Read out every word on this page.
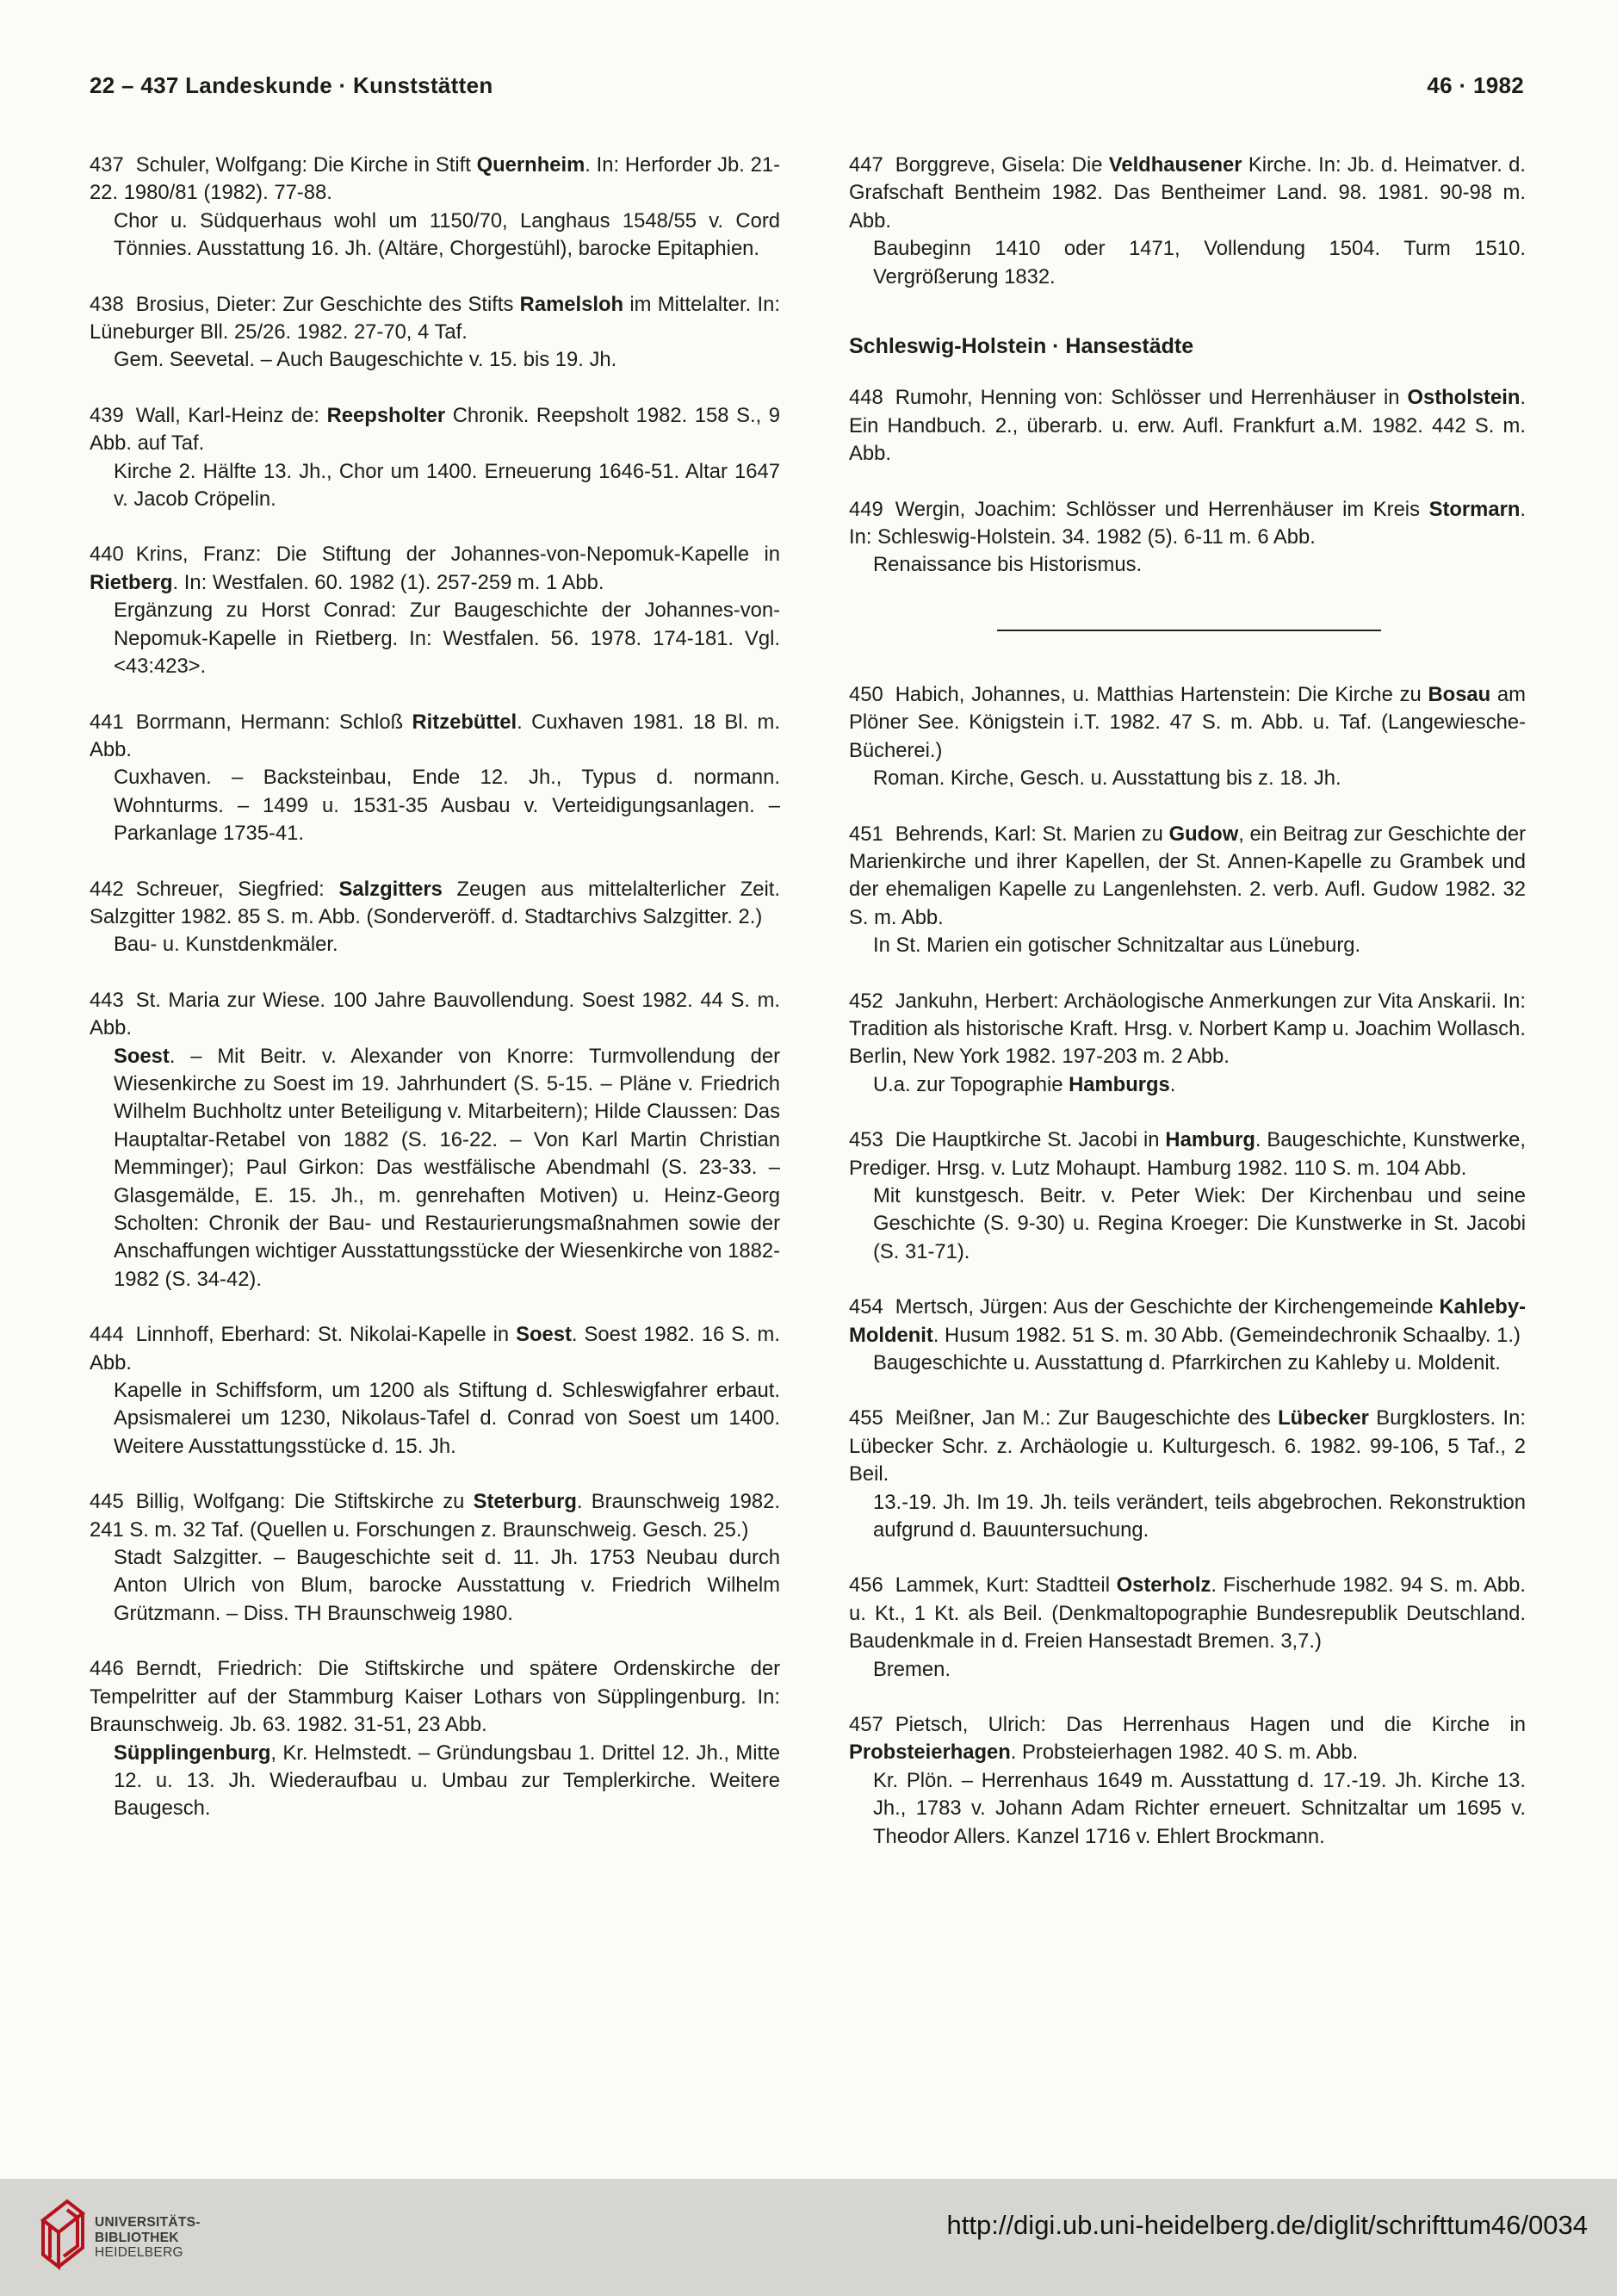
22 – 437 Landeskunde · Kunststätten	46 · 1982
437 Schuler, Wolfgang: Die Kirche in Stift Quernheim. In: Herforder Jb. 21-22. 1980/81 (1982). 77-88.
Chor u. Südquerhaus wohl um 1150/70, Langhaus 1548/55 v. Cord Tönnies. Ausstattung 16. Jh. (Altäre, Chorgestühl), barocke Epitaphien.
438 Brosius, Dieter: Zur Geschichte des Stifts Ramelsloh im Mittelalter. In: Lüneburger Bll. 25/26. 1982. 27-70, 4 Taf.
Gem. Seevetal. – Auch Baugeschichte v. 15. bis 19. Jh.
439 Wall, Karl-Heinz de: Reepsholter Chronik. Reepsholt 1982. 158 S., 9 Abb. auf Taf.
Kirche 2. Hälfte 13. Jh., Chor um 1400. Erneuerung 1646-51. Altar 1647 v. Jacob Cröpelin.
440 Krins, Franz: Die Stiftung der Johannes-von-Nepomuk-Kapelle in Rietberg. In: Westfalen. 60. 1982 (1). 257-259 m. 1 Abb.
Ergänzung zu Horst Conrad: Zur Baugeschichte der Johannes-von-Nepomuk-Kapelle in Rietberg. In: Westfalen. 56. 1978. 174-181. Vgl. <43:423>.
441 Borrmann, Hermann: Schloß Ritzebüttel. Cuxhaven 1981. 18 Bl. m. Abb.
Cuxhaven. – Backsteinbau, Ende 12. Jh., Typus d. normann. Wohnturms. – 1499 u. 1531-35 Ausbau v. Verteidigungsanlagen. – Parkanlage 1735-41.
442 Schreuer, Siegfried: Salzgitters Zeugen aus mittelalterlicher Zeit. Salzgitter 1982. 85 S. m. Abb. (Sonderveröff. d. Stadtarchivs Salzgitter. 2.)
Bau- u. Kunstdenkmäler.
443 St. Maria zur Wiese. 100 Jahre Bauvollendung. Soest 1982. 44 S. m. Abb.
Soest. – Mit Beitr. v. Alexander von Knorre: Turmvollendung der Wiesenkirche zu Soest im 19. Jahrhundert (S. 5-15. – Pläne v. Friedrich Wilhelm Buchholtz unter Beteiligung v. Mitarbeitern); Hilde Claussen: Das Hauptaltar-Retabel von 1882 (S. 16-22. – Von Karl Martin Christian Memminger); Paul Girkon: Das westfälische Abendmahl (S. 23-33. – Glasgemälde, E. 15. Jh., m. genrehaften Motiven) u. Heinz-Georg Scholten: Chronik der Bau- und Restaurierungsmaßnahmen sowie der Anschaffungen wichtiger Ausstattungsstücke der Wiesenkirche von 1882-1982 (S. 34-42).
444 Linnhoff, Eberhard: St. Nikolai-Kapelle in Soest. Soest 1982. 16 S. m. Abb.
Kapelle in Schiffsform, um 1200 als Stiftung d. Schleswigfahrer erbaut. Apsismalerei um 1230, Nikolaus-Tafel d. Conrad von Soest um 1400. Weitere Ausstattungsstücke d. 15. Jh.
445 Billig, Wolfgang: Die Stiftskirche zu Steterburg. Braunschweig 1982. 241 S. m. 32 Taf. (Quellen u. Forschungen z. Braunschweig. Gesch. 25.)
Stadt Salzgitter. – Baugeschichte seit d. 11. Jh. 1753 Neubau durch Anton Ulrich von Blum, barocke Ausstattung v. Friedrich Wilhelm Grützmann. – Diss. TH Braunschweig 1980.
446 Berndt, Friedrich: Die Stiftskirche und spätere Ordenskirche der Tempelritter auf der Stammburg Kaiser Lothars von Süpplingenburg. In: Braunschweig. Jb. 63. 1982. 31-51, 23 Abb.
Süpplingenburg, Kr. Helmstedt. – Gründungsbau 1. Drittel 12. Jh., Mitte 12. u. 13. Jh. Wiederaufbau u. Umbau zur Templerkirche. Weitere Baugesch.
447 Borggreve, Gisela: Die Veldhausener Kirche. In: Jb. d. Heimatver. d. Grafschaft Bentheim 1982. Das Bentheimer Land. 98. 1981. 90-98 m. Abb.
Baubeginn 1410 oder 1471, Vollendung 1504. Turm 1510. Vergrößerung 1832.
Schleswig-Holstein · Hansestädte
448 Rumohr, Henning von: Schlösser und Herrenhäuser in Ostholstein. Ein Handbuch. 2., überarb. u. erw. Aufl. Frankfurt a.M. 1982. 442 S. m. Abb.
449 Wergin, Joachim: Schlösser und Herrenhäuser im Kreis Stormarn. In: Schleswig-Holstein. 34. 1982 (5). 6-11 m. 6 Abb.
Renaissance bis Historismus.
450 Habich, Johannes, u. Matthias Hartenstein: Die Kirche zu Bosau am Plöner See. Königstein i.T. 1982. 47 S. m. Abb. u. Taf. (Langewiesche-Bücherei.)
Roman. Kirche, Gesch. u. Ausstattung bis z. 18. Jh.
451 Behrends, Karl: St. Marien zu Gudow, ein Beitrag zur Geschichte der Marienkirche und ihrer Kapellen, der St. Annen-Kapelle zu Grambek und der ehemaligen Kapelle zu Langenlehsten. 2. verb. Aufl. Gudow 1982. 32 S. m. Abb.
In St. Marien ein gotischer Schnitzaltar aus Lüneburg.
452 Jankuhn, Herbert: Archäologische Anmerkungen zur Vita Anskarii. In: Tradition als historische Kraft. Hrsg. v. Norbert Kamp u. Joachim Wollasch. Berlin, New York 1982. 197-203 m. 2 Abb.
U.a. zur Topographie Hamburgs.
453 Die Hauptkirche St. Jacobi in Hamburg. Baugeschichte, Kunstwerke, Prediger. Hrsg. v. Lutz Mohaupt. Hamburg 1982. 110 S. m. 104 Abb.
Mit kunstgesch. Beitr. v. Peter Wiek: Der Kirchenbau und seine Geschichte (S. 9-30) u. Regina Kroeger: Die Kunstwerke in St. Jacobi (S. 31-71).
454 Mertsch, Jürgen: Aus der Geschichte der Kirchengemeinde Kahleby-Moldenit. Husum 1982. 51 S. m. 30 Abb. (Gemeindechronik Schaalby. 1.)
Baugeschichte u. Ausstattung d. Pfarrkirchen zu Kahleby u. Moldenit.
455 Meißner, Jan M.: Zur Baugeschichte des Lübecker Burgklosters. In: Lübecker Schr. z. Archäologie u. Kulturgesch. 6. 1982. 99-106, 5 Taf., 2 Beil.
13.-19. Jh. Im 19. Jh. teils verändert, teils abgebrochen. Rekonstruktion aufgrund d. Bauuntersuchung.
456 Lammek, Kurt: Stadtteil Osterholz. Fischerhude 1982. 94 S. m. Abb. u. Kt., 1 Kt. als Beil. (Denkmaltopographie Bundesrepublik Deutschland. Baudenkmale in d. Freien Hansestadt Bremen. 3,7.)
Bremen.
457 Pietsch, Ulrich: Das Herrenhaus Hagen und die Kirche in Probsteierhagen. Probsteierhagen 1982. 40 S. m. Abb.
Kr. Plön. – Herrenhaus 1649 m. Ausstattung d. 17.-19. Jh. Kirche 13. Jh., 1783 v. Johann Adam Richter erneuert. Schnitzaltar um 1695 v. Theodor Allers. Kanzel 1716 v. Ehlert Brockmann.
UNIVERSITÄTS-
BIBLIOTHEK
HEIDELBERG
http://digi.ub.uni-heidelberg.de/diglit/schrifttum46/0034
